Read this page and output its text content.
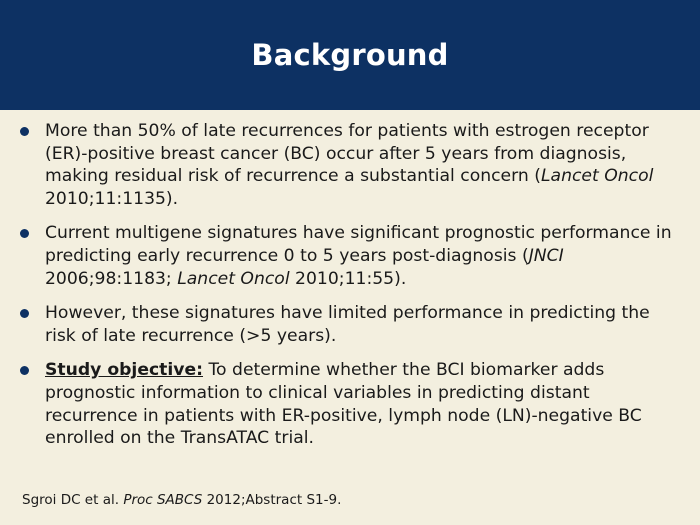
Background
More than 50% of late recurrences for patients with estrogen receptor (ER)-positive breast cancer (BC) occur after 5 years from diagnosis, making residual risk of recurrence a substantial concern (Lancet Oncol 2010;11:1135).
Current multigene signatures have significant prognostic performance in predicting early recurrence 0 to 5 years post-diagnosis (JNCI 2006;98:1183; Lancet Oncol 2010;11:55).
However, these signatures have limited performance in predicting the risk of late recurrence (>5 years).
Study objective: To determine whether the BCI biomarker adds prognostic information to clinical variables in predicting distant recurrence in patients with ER-positive, lymph node (LN)-negative BC enrolled on the TransATAC trial.
Sgroi DC et al. Proc SABCS 2012;Abstract S1-9.
